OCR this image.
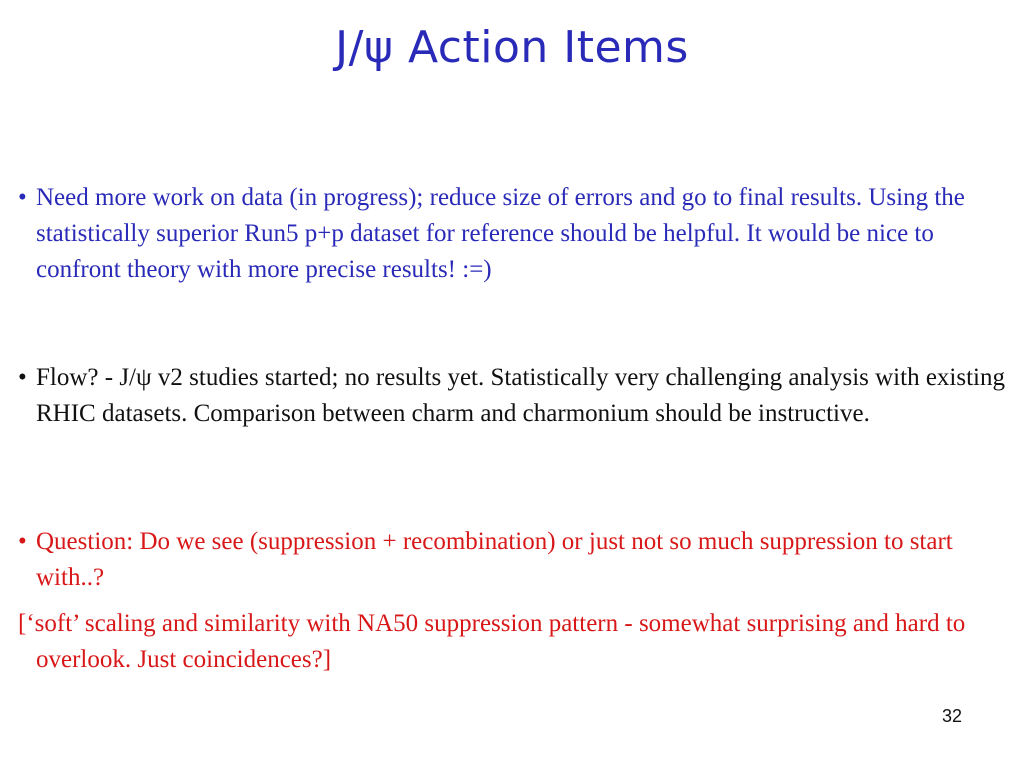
J/ψ Action Items
• Need more work on data (in progress); reduce size of errors and go to final results. Using the statistically superior Run5 p+p dataset for reference should be helpful. It would be nice to confront theory with more precise results! :=)
• Flow? - J/ψ v2 studies started; no results yet. Statistically very challenging analysis with existing RHIC datasets. Comparison between charm and charmonium should be instructive.
• Question: Do we see (suppression + recombination) or just not so much suppression to start with..?
[‘soft’ scaling and similarity with NA50 suppression pattern - somewhat surprising and hard to overlook. Just coincidences?]
32
